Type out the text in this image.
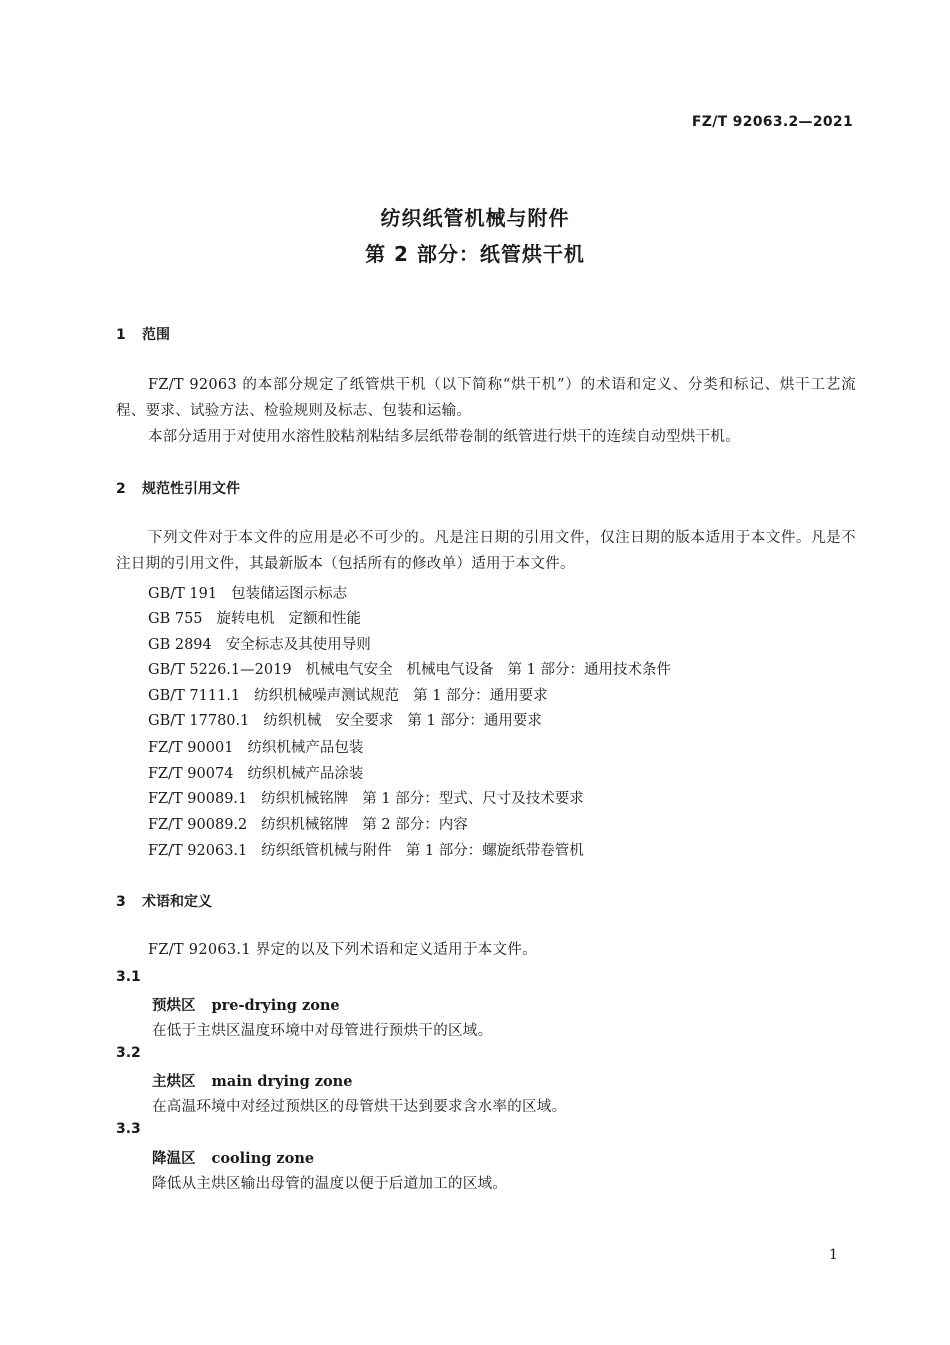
FZ/T 92063.2—2021
纺织纸管机械与附件
第 2 部分：纸管烘干机
1 范围
FZ/T 92063 的本部分规定了纸管烘干机（以下简称“烘干机”）的术语和定义、分类和标记、烘干工艺流程、要求、试验方法、检验规则及标志、包装和运输。
本部分适用于对使用水溶性胶粘剂粘结多层纸带卷制的纸管进行烘干的连续自动型烘干机。
2 规范性引用文件
下列文件对于本文件的应用是必不可少的。凡是注日期的引用文件，仅注日期的版本适用于本文件。凡是不注日期的引用文件，其最新版本（包括所有的修改单）适用于本文件。
GB/T 191 包装储运图示标志
GB 755 旋转电机 定额和性能
GB 2894 安全标志及其使用导则
GB/T 5226.1—2019 机械电气安全 机械电气设备 第 1 部分：通用技术条件
GB/T 7111.1 纺织机械噪声测试规范 第 1 部分：通用要求
GB/T 17780.1 纺织机械 安全要求 第 1 部分：通用要求
FZ/T 90001 纺织机械产品包装
FZ/T 90074 纺织机械产品涂装
FZ/T 90089.1 纺织机械铭牌 第 1 部分：型式、尺寸及技术要求
FZ/T 90089.2 纺织机械铭牌 第 2 部分：内容
FZ/T 92063.1 纺织纸管机械与附件 第 1 部分：螺旋纸带卷管机
3 术语和定义
FZ/T 92063.1 界定的以及下列术语和定义适用于本文件。
3.1
预烘区 pre-drying zone
在低于主烘区温度环境中对母管进行预烘干的区域。
3.2
主烘区 main drying zone
在高温环境中对经过预烘区的母管烘干达到要求含水率的区域。
3.3
降温区 cooling zone
降低从主烘区输出母管的温度以便于后道加工的区域。
1
